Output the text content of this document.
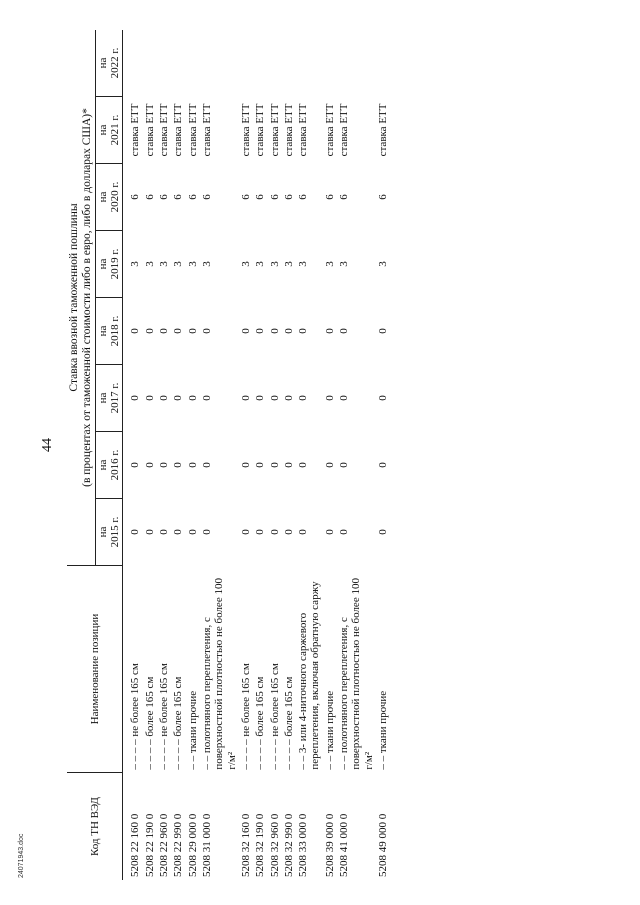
44
24071943.doc	Код ТН ВЭД	Наименование позиции	Ставка ввозной таможенной пошлины (в процентах от таможенной стоимости либо в евро, либо в долларах США)*							

		на 2015 г.	на 2016 г.	на 2017 г.	на 2018 г.	на 2019 г.	на 2020 г.	на 2021 г.	на 2022 г.

5208 22 160 0	– – – – не более 165 см	0	0	0	0	3	6	ставка ЕТТ	
5208 22 190 0	– – – – более 165 см	0	0	0	0	3	6	ставка ЕТТ	
5208 22 960 0	– – – – не более 165 см	0	0	0	0	3	6	ставка ЕТТ	
5208 22 990 0	– – – – более 165 см	0	0	0	0	3	6	ставка ЕТТ	
5208 29 000 0	– – ткани прочие	0	0	0	0	3	6	ставка ЕТТ	
5208 31 000 0	– – полотняного переплетения, с поверхностной плотностью не более 100 г/м²	0	0	0	0	3	6	ставка ЕТТ	
5208 32 160 0	– – – – не более 165 см	0	0	0	0	3	6	ставка ЕТТ	
5208 32 190 0	– – – – более 165 см	0	0	0	0	3	6	ставка ЕТТ	
5208 32 960 0	– – – – не более 165 см	0	0	0	0	3	6	ставка ЕТТ	
5208 32 990 0	– – – – более 165 см	0	0	0	0	3	6	ставка ЕТТ	
5208 33 000 0	– – 3- или 4-ниточного саржевого переплетения, включая обратную саржу	0	0	0	0	3	6	ставка ЕТТ	
5208 39 000 0	– – ткани прочие	0	0	0	0	3	6	ставка ЕТТ	
5208 41 000 0	– – полотняного переплетения, с поверхностной плотностью не более 100 г/м²	0	0	0	0	3	6	ставка ЕТТ	
5208 49 000 0	– – ткани прочие	0	0	0	0	3	6	ставка ЕТТ	
